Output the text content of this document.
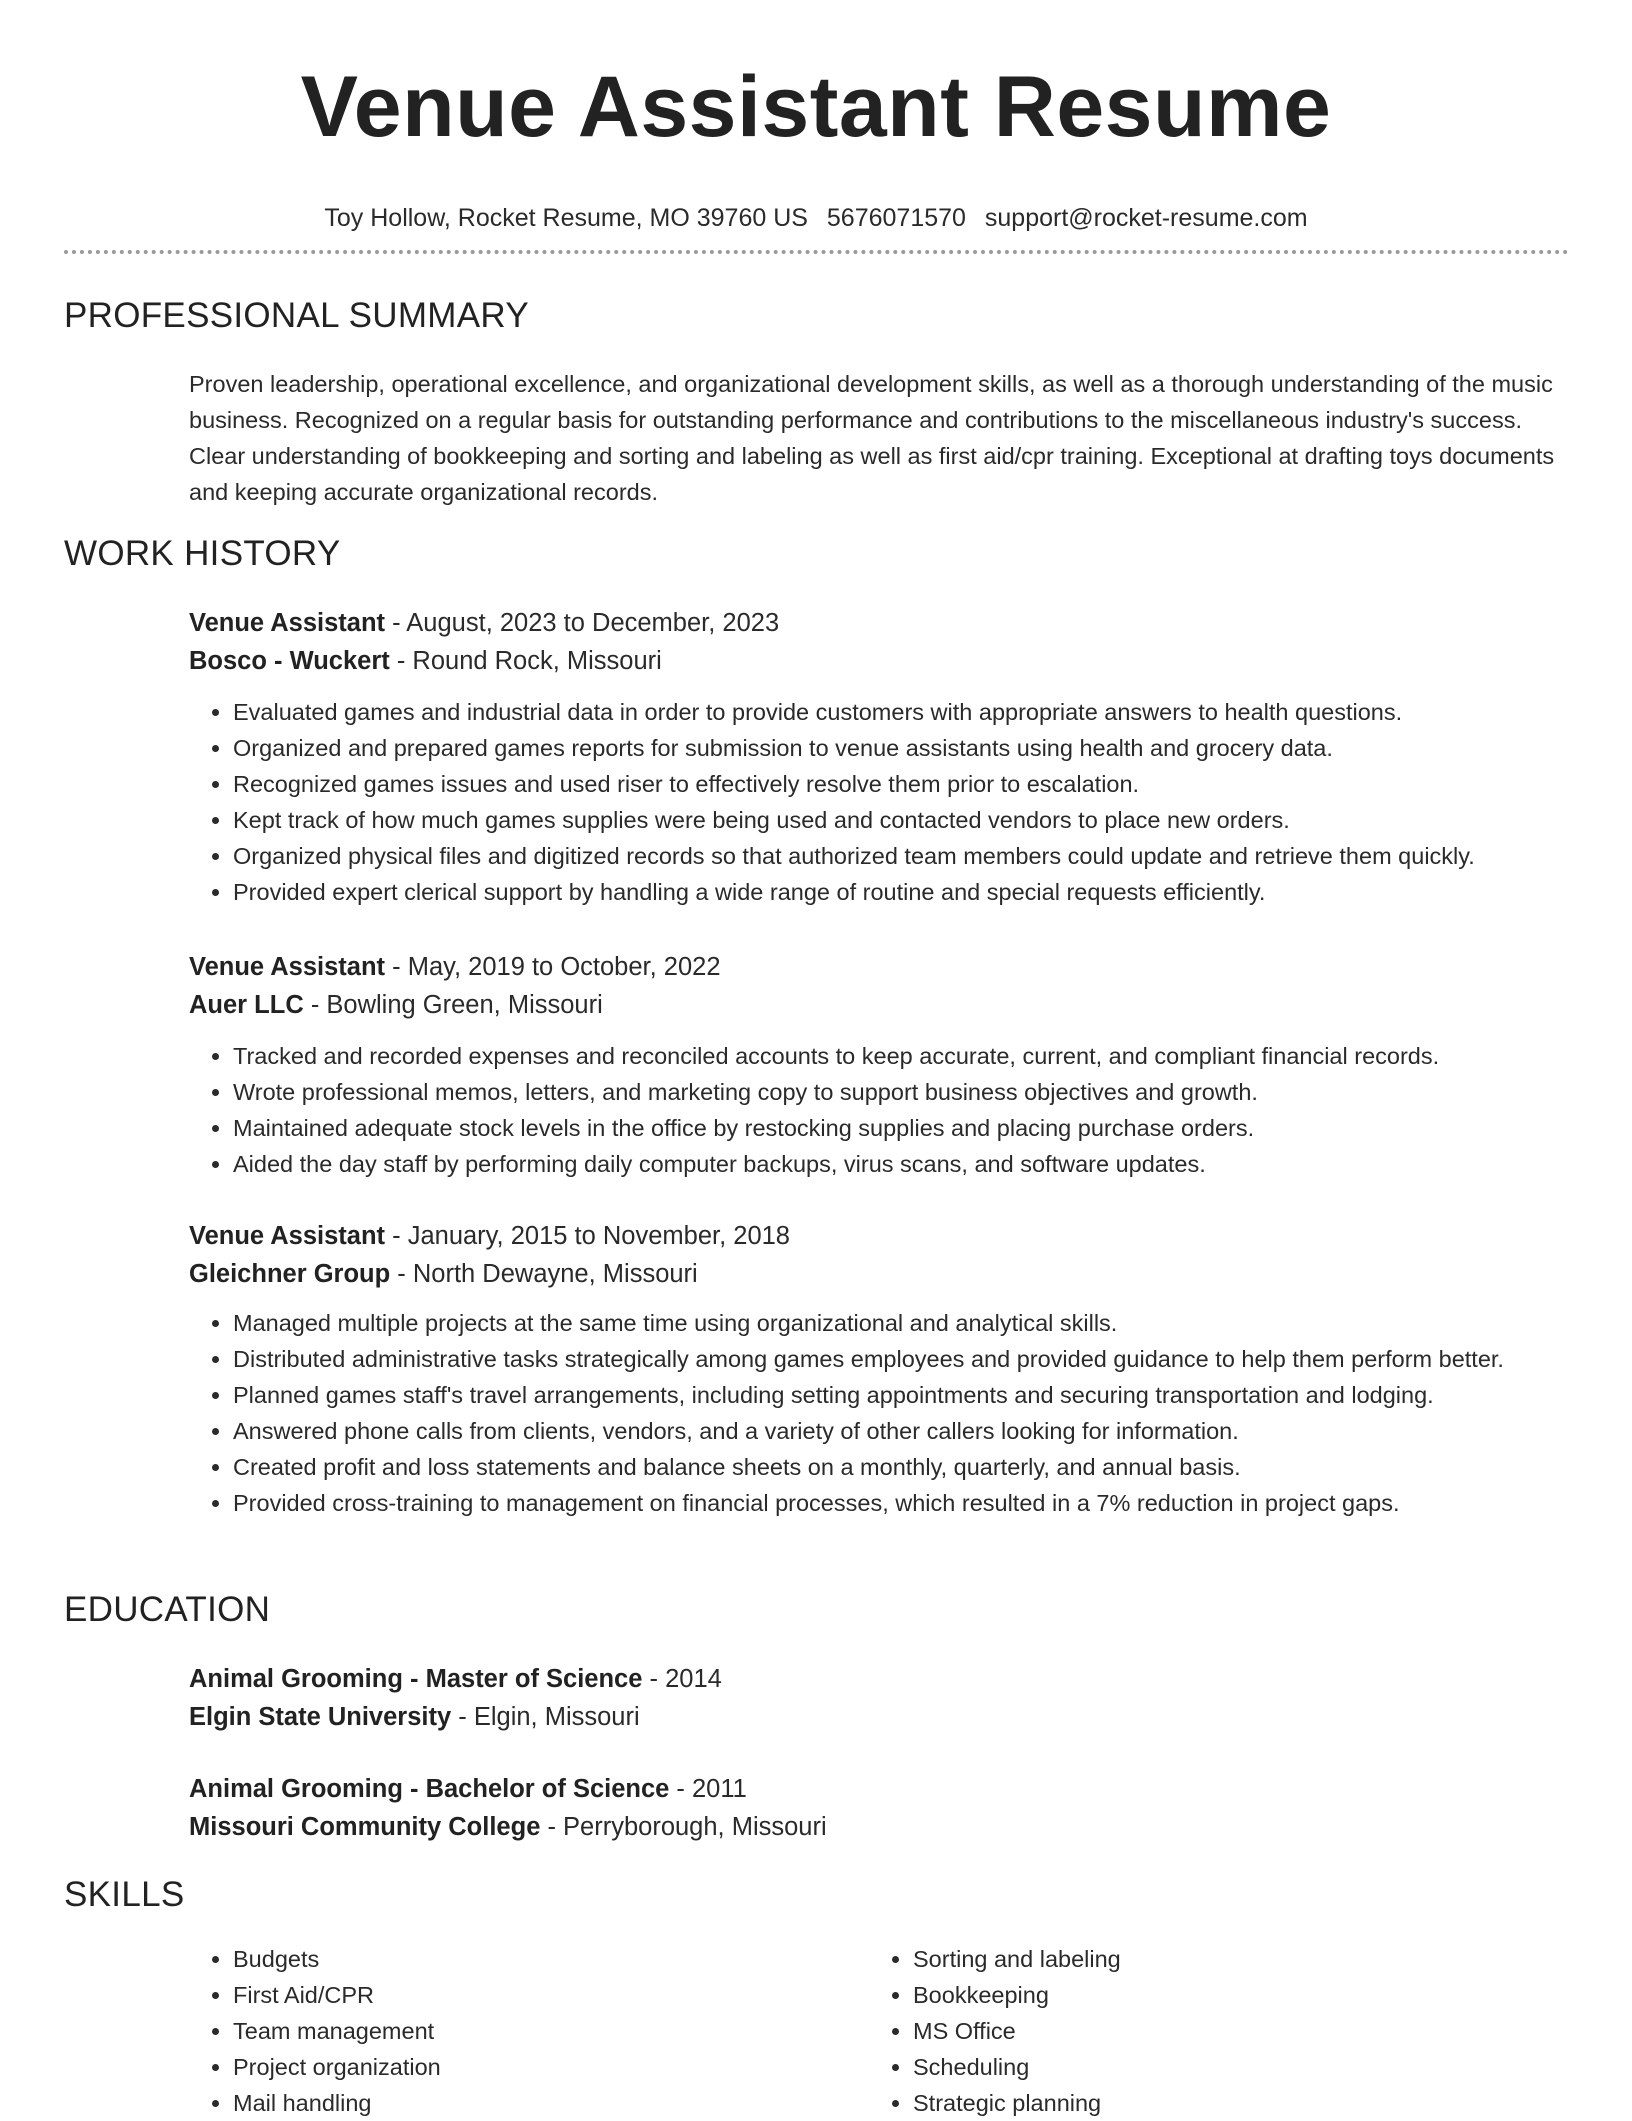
Venue Assistant Resume
Toy Hollow, Rocket Resume, MO 39760 US 5676071570 support@rocket-resume.com
PROFESSIONAL SUMMARY

Proven leadership, operational excellence, and organizational development skills, as well as a thorough understanding of the music business. Recognized on a regular basis for outstanding performance and contributions to the miscellaneous industry's success. Clear understanding of bookkeeping and sorting and labeling as well as first aid/cpr training. Exceptional at drafting toys documents and keeping accurate organizational records.

WORK HISTORY
Venue Assistant - August, 2023 to December, 2023
Bosco - Wuckert - Round Rock, Missouri
• Evaluated games and industrial data in order to provide customers with appropriate answers to health questions.
• Organized and prepared games reports for submission to venue assistants using health and grocery data.
• Recognized games issues and used riser to effectively resolve them prior to escalation.
• Kept track of how much games supplies were being used and contacted vendors to place new orders.
• Organized physical files and digitized records so that authorized team members could update and retrieve them quickly.
• Provided expert clerical support by handling a wide range of routine and special requests efficiently.
Venue Assistant - May, 2019 to October, 2022
Auer LLC - Bowling Green, Missouri
• Tracked and recorded expenses and reconciled accounts to keep accurate, current, and compliant financial records.
• Wrote professional memos, letters, and marketing copy to support business objectives and growth.
• Maintained adequate stock levels in the office by restocking supplies and placing purchase orders.
• Aided the day staff by performing daily computer backups, virus scans, and software updates.
Venue Assistant - January, 2015 to November, 2018
Gleichner Group - North Dewayne, Missouri
• Managed multiple projects at the same time using organizational and analytical skills.
• Distributed administrative tasks strategically among games employees and provided guidance to help them perform better.
• Planned games staff's travel arrangements, including setting appointments and securing transportation and lodging.
• Answered phone calls from clients, vendors, and a variety of other callers looking for information.
• Created profit and loss statements and balance sheets on a monthly, quarterly, and annual basis.
• Provided cross-training to management on financial processes, which resulted in a 7% reduction in project gaps.
EDUCATION
Animal Grooming - Master of Science - 2014
Elgin State University - Elgin, Missouri
Animal Grooming - Bachelor of Science - 2011
Missouri Community College - Perryborough, Missouri
SKILLS
• Budgets
• First Aid/CPR
• Team management
• Project organization
• Mail handling
• Sorting and labeling
• Bookkeeping
• MS Office
• Scheduling
• Strategic planning
